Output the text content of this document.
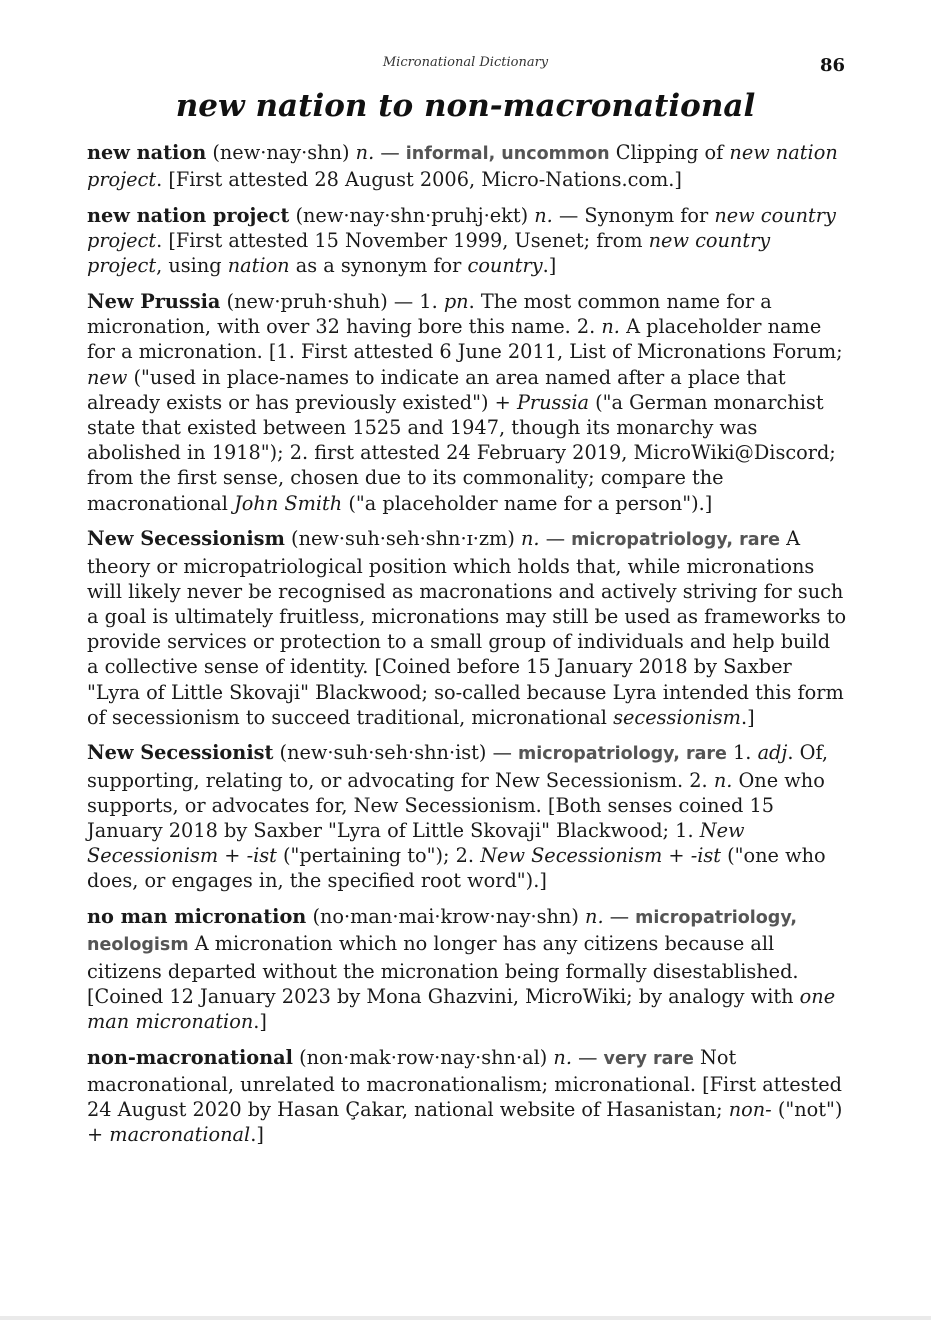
Micronational Dictionary	86
new nation to non-macronational

new nation (new·nay·shn) n. — informal, uncommon Clipping of new nation project. [First attested 28 August 2006, Micro-Nations.com.]

new nation project (new·nay·shn·pruhj·ekt) n. — Synonym for new country project. [First attested 15 November 1999, Usenet; from new country project, using nation as a synonym for country.]

New Prussia (new·pruh·shuh) — 1. pn. The most common name for a micronation, with over 32 having bore this name. 2. n. A placeholder name for a micronation. [1. First attested 6 June 2011, List of Micronations Forum; new ("used in place-names to indicate an area named after a place that already exists or has previously existed") + Prussia ("a German monarchist state that existed between 1525 and 1947, though its monarchy was abolished in 1918"); 2. first attested 24 February 2019, MicroWiki@Discord; from the first sense, chosen due to its commonality; compare the macronational John Smith ("a placeholder name for a person").]

New Secessionism (new·suh·seh·shn·ɪ·zm) n. — micropatriology, rare A theory or micropatriological position which holds that, while micronations will likely never be recognised as macronations and actively striving for such a goal is ultimately fruitless, micronations may still be used as frameworks to provide services or protection to a small group of individuals and help build a collective sense of identity. [Coined before 15 January 2018 by Saxber "Lyra of Little Skovaji" Blackwood; so-called because Lyra intended this form of secessionism to succeed traditional, micronational secessionism.]

New Secessionist (new·suh·seh·shn·ist) — micropatriology, rare 1. adj. Of, supporting, relating to, or advocating for New Secessionism. 2. n. One who supports, or advocates for, New Secessionism. [Both senses coined 15 January 2018 by Saxber "Lyra of Little Skovaji" Blackwood; 1. New Secessionism + -ist ("pertaining to"); 2. New Secessionism + -ist ("one who does, or engages in, the specified root word").]

no man micronation (no·man·mai·krow·nay·shn) n. — micropatriology, neologism A micronation which no longer has any citizens because all citizens departed without the micronation being formally disestablished. [Coined 12 January 2023 by Mona Ghazvini, MicroWiki; by analogy with one man micronation.]

non-macronational (non·mak·row·nay·shn·al) n. — very rare Not macronational, unrelated to macronationalism; micronational. [First attested 24 August 2020 by Hasan Çakar, national website of Hasanistan; non- ("not") + macronational.]
